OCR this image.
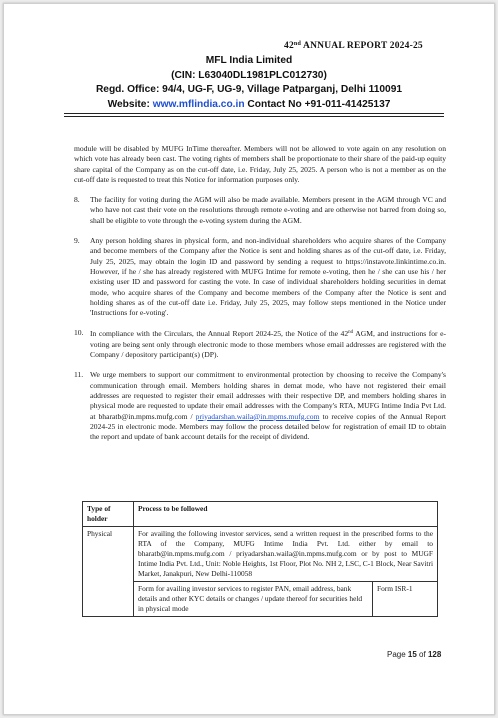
42nd ANNUAL REPORT 2024-25
MFL India Limited
(CIN: L63040DL1981PLC012730)
Regd. Office: 94/4, UG-F, UG-9, Village Patparganj, Delhi 110091
Website: www.mflindia.co.in Contact No +91-011-41425137

module will be disabled by MUFG InTime thereafter. Members will not be allowed to vote again on any resolution on which vote has already been cast. The voting rights of members shall be proportionate to their share of the paid-up equity share capital of the Company as on the cut-off date, i.e. Friday, July 25, 2025. A person who is not a member as on the cut-off date is requested to treat this Notice for information purposes only.

8. The facility for voting during the AGM will also be made available. Members present in the AGM through VC and who have not cast their vote on the resolutions through remote e-voting and are otherwise not barred from doing so, shall be eligible to vote through the e-voting system during the AGM.

9. Any person holding shares in physical form, and non-individual shareholders who acquire shares of the Company and become members of the Company after the Notice is sent and holding shares as of the cut-off date, i.e. Friday, July 25, 2025, may obtain the login ID and password by sending a request to https://instavote.linkintime.co.in. However, if he / she has already registered with MUFG Intime for remote e-voting, then he / she can use his / her existing user ID and password for casting the vote. In case of individual shareholders holding securities in demat mode, who acquire shares of the Company and become members of the Company after the Notice is sent and holding shares as of the cut-off date i.e. Friday, July 25, 2025, may follow steps mentioned in the Notice under 'Instructions for e-voting'.

10. In compliance with the Circulars, the Annual Report 2024-25, the Notice of the 42nd AGM, and instructions for e-voting are being sent only through electronic mode to those members whose email addresses are registered with the Company / depository participant(s) (DP).

11. We urge members to support our commitment to environmental protection by choosing to receive the Company's communication through email. Members holding shares in demat mode, who have not registered their email addresses are requested to register their email addresses with their respective DP, and members holding shares in physical mode are requested to update their email addresses with the Company's RTA, MUFG Intime India Pvt Ltd. at bharatb@in.mpms.mufg.com / priyadarshan.waila@in.mpms.mufg.com to receive copies of the Annual Report 2024-25 in electronic mode. Members may follow the process detailed below for registration of email ID to obtain the report and update of bank account details for the receipt of dividend.

Type of holder	Process to be followed	
Physical	For availing the following investor services, send a written request in the prescribed forms to the RTA of the Company, MUFG Intime India Pvt. Ltd. either by email to bharatb@in.mpms.mufg.com / priyadarshan.waila@in.mpms.mufg.com or by post to MUGF Intime India Pvt. Ltd., Unit: Noble Heights, 1st Floor, Plot No. NH 2, LSC, C-1 Block, Near Savitri Market, Janakpuri, New Delhi-110058	
	Form for availing investor services to register PAN, email address, bank details and other KYC details or changes / update thereof for securities held in physical mode	Form ISR-1
Page 15 of 128
